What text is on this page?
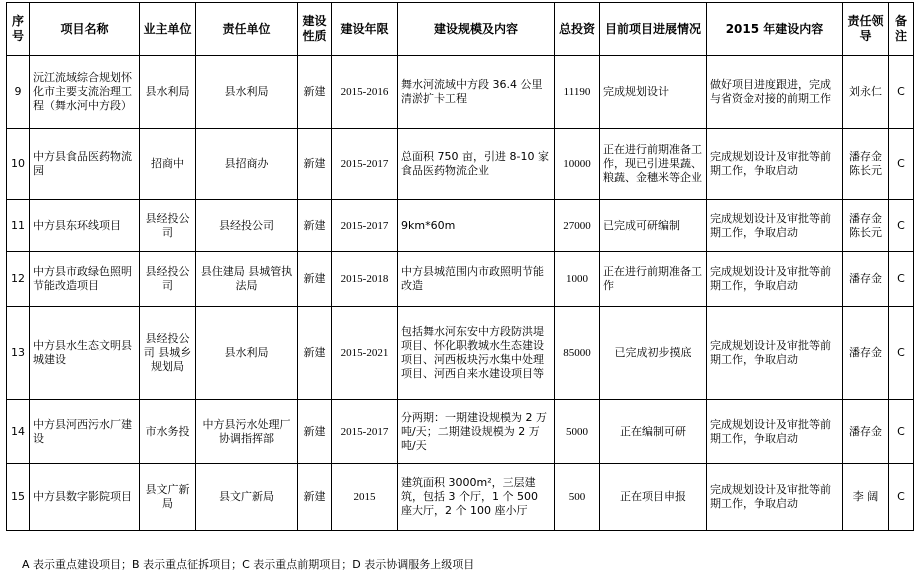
序号	项目名称	业主单位	责任单位	建设性质	建设年限	建设规模及内容	总投资	目前项目进展情况	2015 年建设内容	责任领导	备注
9	沅江流域综合规划怀化市主要支流治理工程（舞水河中方段）	县水利局	县水利局	新建	2015-2016	舞水河流域中方段 36.4 公里清淤扩卡工程	11190	完成规划设计	做好项目进度跟进，完成与省资金对接的前期工作	刘永仁	C
10	中方县食品医药物流园	招商中	县招商办	新建	2015-2017	总面积 750 亩，引进 8-10 家食品医药物流企业	10000	正在进行前期准备工作，现已引进果蔬、粮蔬、金穗米等企业	完成规划设计及审批等前期工作，争取启动	潘存金 陈长元	C
11	中方县东环线项目	县经投公司	县经投公司	新建	2015-2017	9km*60m	27000	已完成可研编制	完成规划设计及审批等前期工作，争取启动	潘存金 陈长元	C
12	中方县市政绿色照明节能改造项目	县经投公司	县住建局 县城管执法局	新建	2015-2018	中方县城范围内市政照明节能改造	1000	正在进行前期准备工作	完成规划设计及审批等前期工作，争取启动	潘存金	C
13	中方县水生态文明县城建设	县经投公司 县城乡规划局	县水利局	新建	2015-2021	包括舞水河东安中方段防洪堤项目、怀化职教城水生态建设项目、河西板块污水集中处理项目、河西自来水建设项目等	85000	已完成初步摸底	完成规划设计及审批等前期工作，争取启动	潘存金	C
14	中方县河西污水厂建设	市水务投	中方县污水处理厂协调指挥部	新建	2015-2017	分两期：一期建设规模为 2 万吨/天；二期建设规模为 2 万吨/天	5000	正在编制可研	完成规划设计及审批等前期工作，争取启动	潘存金	C
15	中方县数字影院项目	县文广新局	县文广新局	新建	2015	建筑面积 3000m²，三层建筑，包括 3 个厅，1 个 500 座大厅，2 个 100 座小厅	500	正在项目申报	完成规划设计及审批等前期工作，争取启动	李 阔	C
A 表示重点建设项目；B 表示重点征拆项目；C 表示重点前期项目；D 表示协调服务上级项目
